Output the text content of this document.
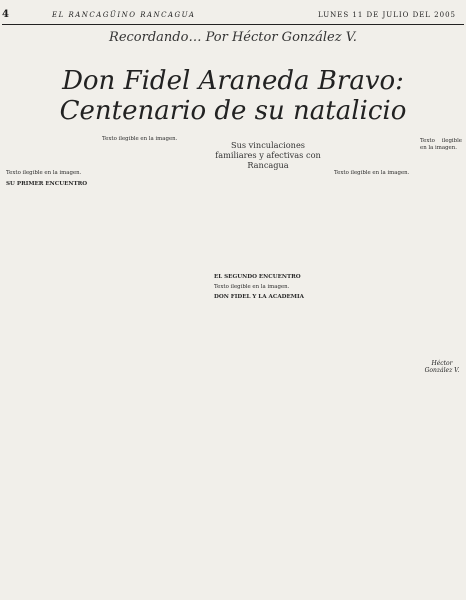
4	EL RANCAGÜINO RANCAGUA	LUNES 11 DE JULIO DEL 2005
Recordando… Por Héctor González V.
Don Fidel Araneda Bravo:
Centenario de su natalicio

Texto ilegible en la imagen.

SU PRIMER ENCUENTRO

Texto ilegible en la imagen.

Sus vinculaciones familiares y afectivas con Rancagua

EL SEGUNDO ENCUENTRO

Texto ilegible en la imagen.

DON FIDEL Y LA ACADEMIA

Texto ilegible en la imagen.

Texto ilegible en la imagen.

Héctor González V.
